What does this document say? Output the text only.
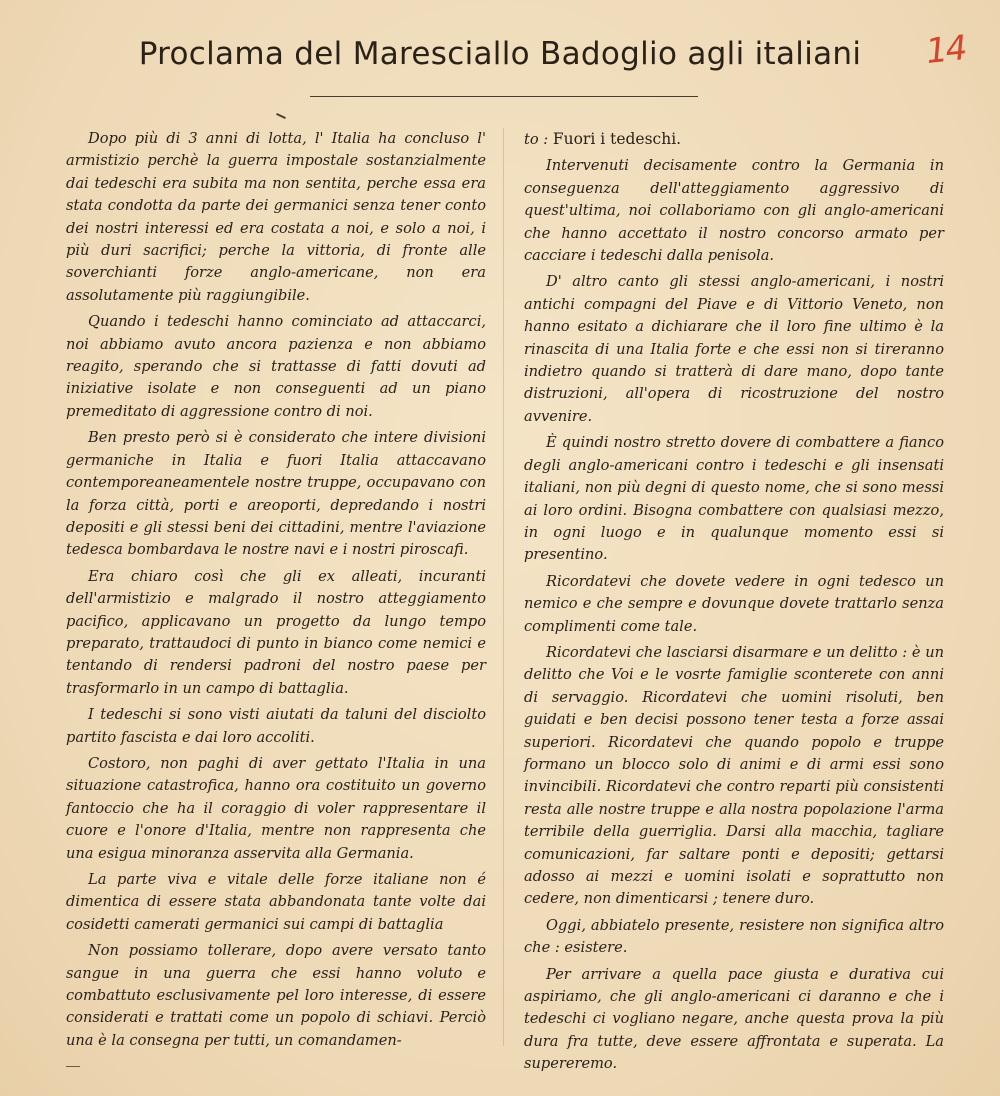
Proclama del Maresciallo Badoglio agli italiani	14

Dopo più di 3 anni di lotta, l' Italia ha concluso l' armistizio perchè la guerra impostale sostanzialmente dai tedeschi era subita ma non sentita, perche essa era stata condotta da parte dei germanici senza tener conto dei nostri interessi ed era costata a noi, e solo a noi, i più duri sacrifici; perche la vittoria, di fronte alle soverchianti forze anglo-americane, non era assolutamente più raggiungibile.

Quando i tedeschi hanno cominciato ad attaccarci, noi abbiamo avuto ancora pazienza e non abbiamo reagito, sperando che si trattasse di fatti dovuti ad iniziative isolate e non conseguenti ad un piano premeditato di aggressione contro di noi.

Ben presto però si è considerato che intere divisioni germaniche in Italia e fuori Italia attaccavano contemporeaneamentele nostre truppe, occupavano con la forza città, porti e areoporti, depredando i nostri depositi e gli stessi beni dei cittadini, mentre l'aviazione tedesca bombardava le nostre navi e i nostri piroscafi.

Era chiaro così che gli ex alleati, incuranti dell'armistizio e malgrado il nostro atteggiamento pacifico, applicavano un progetto da lungo tempo preparato, trattaudoci di punto in bianco come nemici e tentando di rendersi padroni del nostro paese per trasformarlo in un campo di battaglia.

I tedeschi si sono visti aiutati da taluni del disciolto partito fascista e dai loro accoliti.

Costoro, non paghi di aver gettato l'Italia in una situazione catastrofica, hanno ora costituito un governo fantoccio che ha il coraggio di voler rappresentare il cuore e l'onore d'Italia, mentre non rappresenta che una esigua minoranza asservita alla Germania.

La parte viva e vitale delle forze italiane non é dimentica di essere stata abbandonata tante volte dai cosidetti camerati germanici sui campi di battaglia

Non possiamo tollerare, dopo avere versato tanto sangue in una guerra che essi hanno voluto e combattuto esclusivamente pel loro interesse, di essere considerati e trattati come un popolo di schiavi. Perciò una è la consegna per tutti, un comandamen-

to : Fuori i tedeschi.

Intervenuti decisamente contro la Germania in conseguenza dell'atteggiamento aggressivo di quest'ultima, noi collaboriamo con gli anglo-americani che hanno accettato il nostro concorso armato per cacciare i tedeschi dalla penisola.

D' altro canto gli stessi anglo-americani, i nostri antichi compagni del Piave e di Vittorio Veneto, non hanno esitato a dichiarare che il loro fine ultimo è la rinascita di una Italia forte e che essi non si tireranno indietro quando si tratterà di dare mano, dopo tante distruzioni, all'opera di ricostruzione del nostro avvenire.

È quindi nostro stretto dovere di combattere a fianco degli anglo-americani contro i tedeschi e gli insensati italiani, non più degni di questo nome, che si sono messi ai loro ordini. Bisogna combattere con qualsiasi mezzo, in ogni luogo e in qualunque momento essi si presentino.

Ricordatevi che dovete vedere in ogni tedesco un nemico e che sempre e dovunque dovete trattarlo senza complimenti come tale.

Ricordatevi che lasciarsi disarmare e un delitto : è un delitto che Voi e le vosrte famiglie sconterete con anni di servaggio. Ricordatevi che uomini risoluti, ben guidati e ben decisi possono tener testa a forze assai superiori. Ricordatevi che quando popolo e truppe formano un blocco solo di animi e di armi essi sono invincibili. Ricordatevi che contro reparti più consistenti resta alle nostre truppe e alla nostra popolazione l'arma terribile della guerriglia. Darsi alla macchia, tagliare comunicazioni, far saltare ponti e depositi; gettarsi adosso ai mezzi e uomini isolati e soprattutto non cedere, non dimenticarsi ; tenere duro.

Oggi, abbiatelo presente, resistere non significa altro che : esistere.

Per arrivare a quella pace giusta e durativa cui aspiriamo, che gli anglo-americani ci daranno e che i tedeschi ci vogliano negare, anche questa prova la più dura fra tutte, deve essere affrontata e superata. La supereremo.
